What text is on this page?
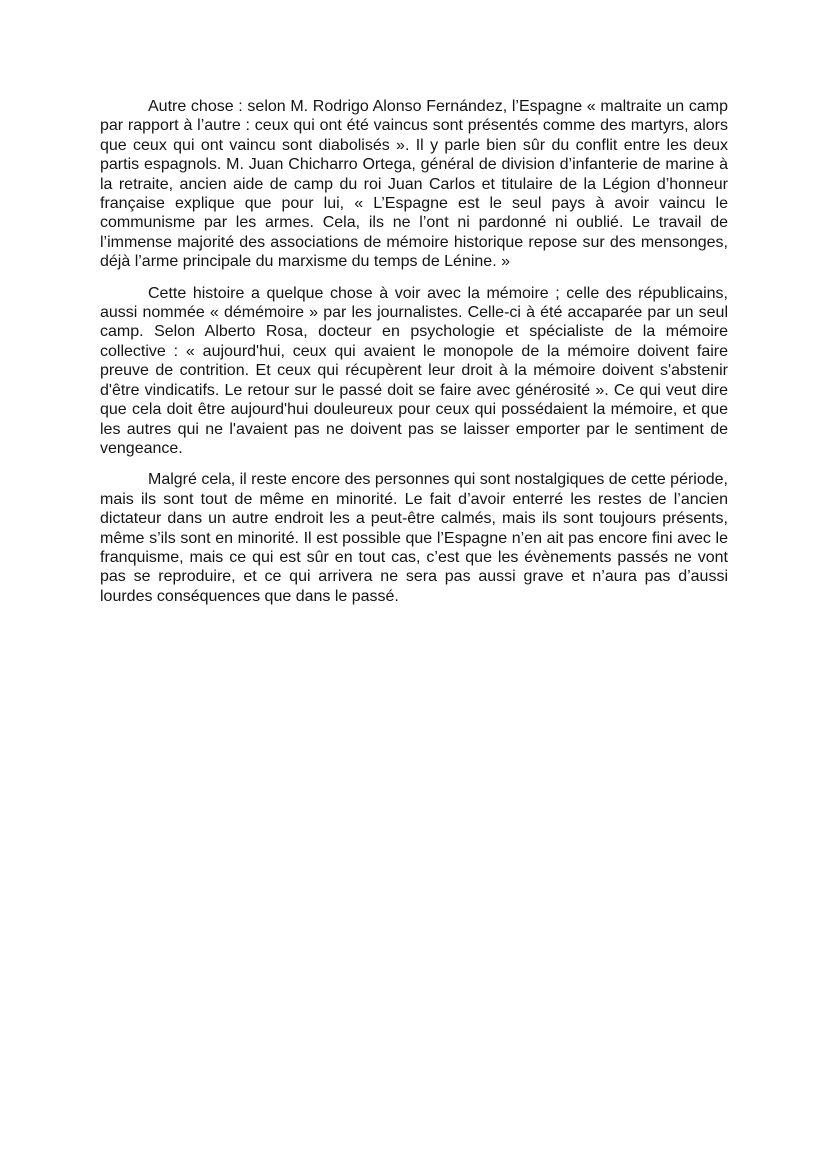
Autre chose : selon M. Rodrigo Alonso Fernández, l’Espagne « maltraite un camp par rapport à l’autre : ceux qui ont été vaincus sont présentés comme des martyrs, alors que ceux qui ont vaincu sont diabolisés ». Il y parle bien sûr du conflit entre les deux partis espagnols. M. Juan Chicharro Ortega, général de division d’infanterie de marine à la retraite, ancien aide de camp du roi Juan Carlos et titulaire de la Légion d’honneur française explique que pour lui, « L’Espagne est le seul pays à avoir vaincu le communisme par les armes. Cela, ils ne l’ont ni pardonné ni oublié. Le travail de l’immense majorité des associations de mémoire historique repose sur des mensonges, déjà l’arme principale du marxisme du temps de Lénine. »

Cette histoire a quelque chose à voir avec la mémoire ; celle des républicains, aussi nommée « démémoire » par les journalistes. Celle-ci à été accaparée par un seul camp. Selon Alberto Rosa, docteur en psychologie et spécialiste de la mémoire collective : « aujourd'hui, ceux qui avaient le monopole de la mémoire doivent faire preuve de contrition. Et ceux qui récupèrent leur droit à la mémoire doivent s'abstenir d'être vindicatifs. Le retour sur le passé doit se faire avec générosité ». Ce qui veut dire que cela doit être aujourd'hui douleureux pour ceux qui possédaient la mémoire, et que les autres qui ne l'avaient pas ne doivent pas se laisser emporter par le sentiment de vengeance.

Malgré cela, il reste encore des personnes qui sont nostalgiques de cette période, mais ils sont tout de même en minorité. Le fait d’avoir enterré les restes de l’ancien dictateur dans un autre endroit les a peut-être calmés, mais ils sont toujours présents, même s’ils sont en minorité. Il est possible que l’Espagne n’en ait pas encore fini avec le franquisme, mais ce qui est sûr en tout cas, c’est que les évènements passés ne vont pas se reproduire, et ce qui arrivera ne sera pas aussi grave et n’aura pas d’aussi lourdes conséquences que dans le passé.
